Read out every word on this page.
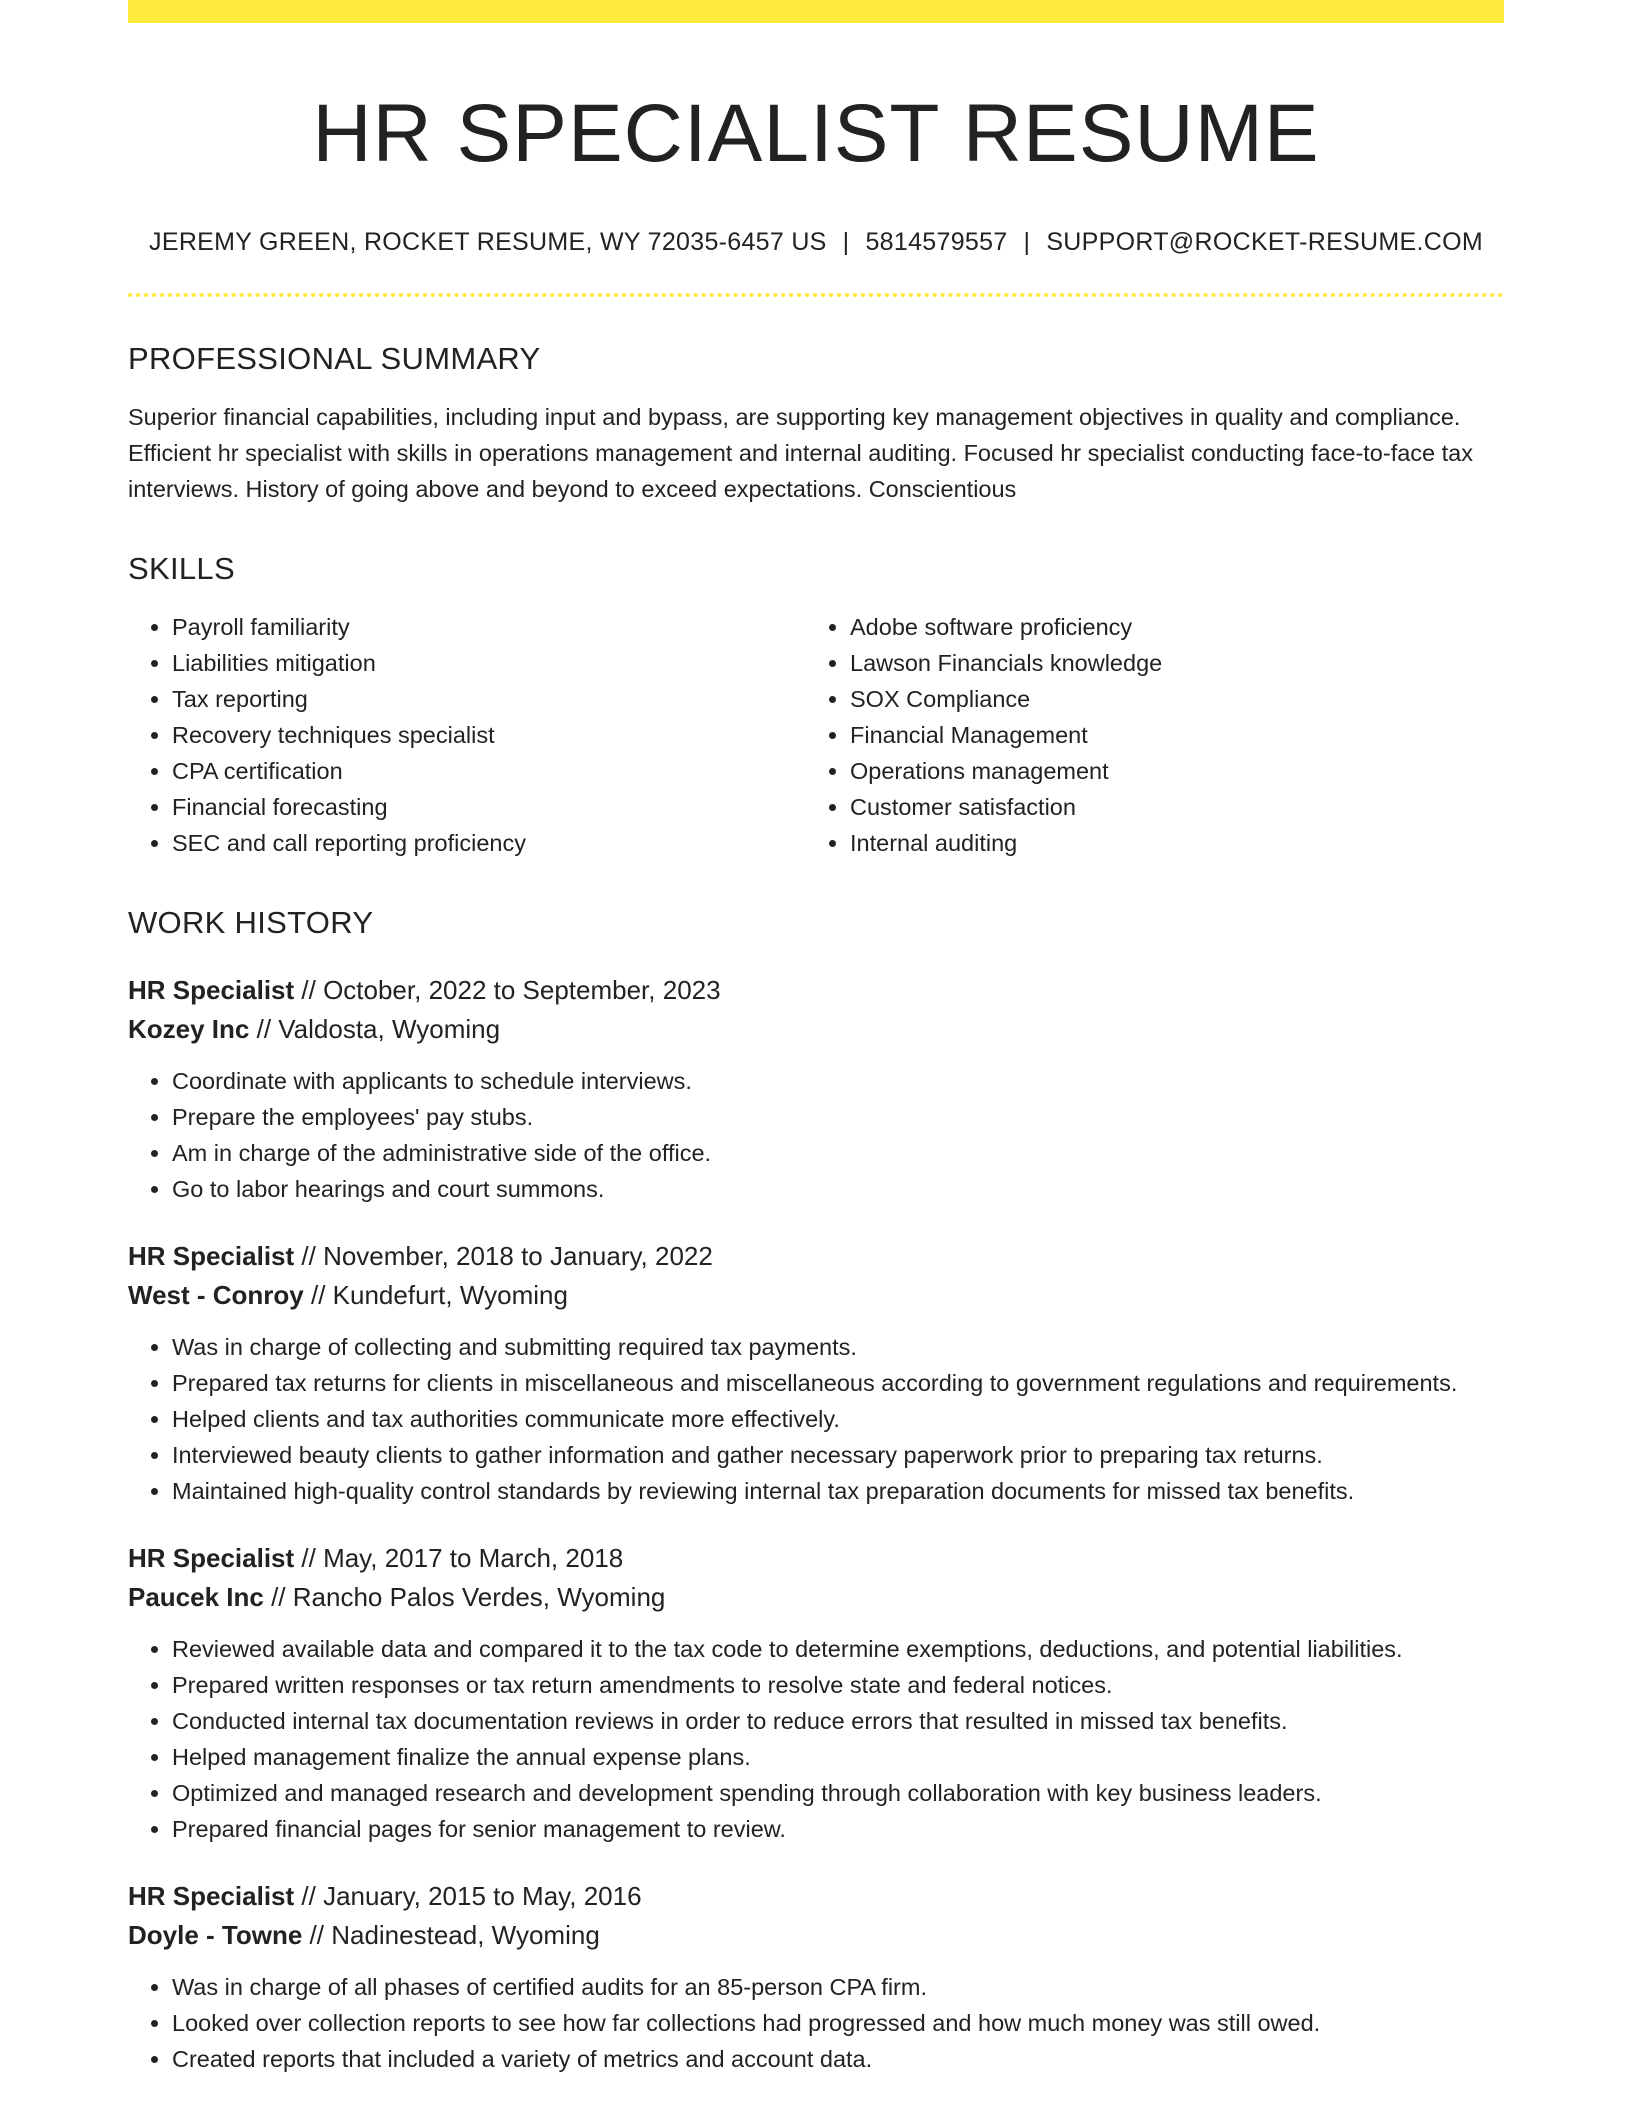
HR SPECIALIST RESUME
JEREMY GREEN, ROCKET RESUME, WY 72035-6457 US | 5814579557 | SUPPORT@ROCKET-RESUME.COM
PROFESSIONAL SUMMARY

Superior financial capabilities, including input and bypass, are supporting key management objectives in quality and compliance. Efficient hr specialist with skills in operations management and internal auditing. Focused hr specialist conducting face-to-face tax interviews. History of going above and beyond to exceed expectations. Conscientious

SKILLS
• Payroll familiarity
• Liabilities mitigation
• Tax reporting
• Recovery techniques specialist
• CPA certification
• Financial forecasting
• SEC and call reporting proficiency
• Adobe software proficiency
• Lawson Financials knowledge
• SOX Compliance
• Financial Management
• Operations management
• Customer satisfaction
• Internal auditing
WORK HISTORY
HR Specialist // October, 2022 to September, 2023
Kozey Inc // Valdosta, Wyoming
• Coordinate with applicants to schedule interviews.
• Prepare the employees' pay stubs.
• Am in charge of the administrative side of the office.
• Go to labor hearings and court summons.
HR Specialist // November, 2018 to January, 2022
West - Conroy // Kundefurt, Wyoming
• Was in charge of collecting and submitting required tax payments.
• Prepared tax returns for clients in miscellaneous and miscellaneous according to government regulations and requirements.
• Helped clients and tax authorities communicate more effectively.
• Interviewed beauty clients to gather information and gather necessary paperwork prior to preparing tax returns.
• Maintained high-quality control standards by reviewing internal tax preparation documents for missed tax benefits.
HR Specialist // May, 2017 to March, 2018
Paucek Inc // Rancho Palos Verdes, Wyoming
• Reviewed available data and compared it to the tax code to determine exemptions, deductions, and potential liabilities.
• Prepared written responses or tax return amendments to resolve state and federal notices.
• Conducted internal tax documentation reviews in order to reduce errors that resulted in missed tax benefits.
• Helped management finalize the annual expense plans.
• Optimized and managed research and development spending through collaboration with key business leaders.
• Prepared financial pages for senior management to review.
HR Specialist // January, 2015 to May, 2016
Doyle - Towne // Nadinestead, Wyoming
• Was in charge of all phases of certified audits for an 85-person CPA firm.
• Looked over collection reports to see how far collections had progressed and how much money was still owed.
• Created reports that included a variety of metrics and account data.
